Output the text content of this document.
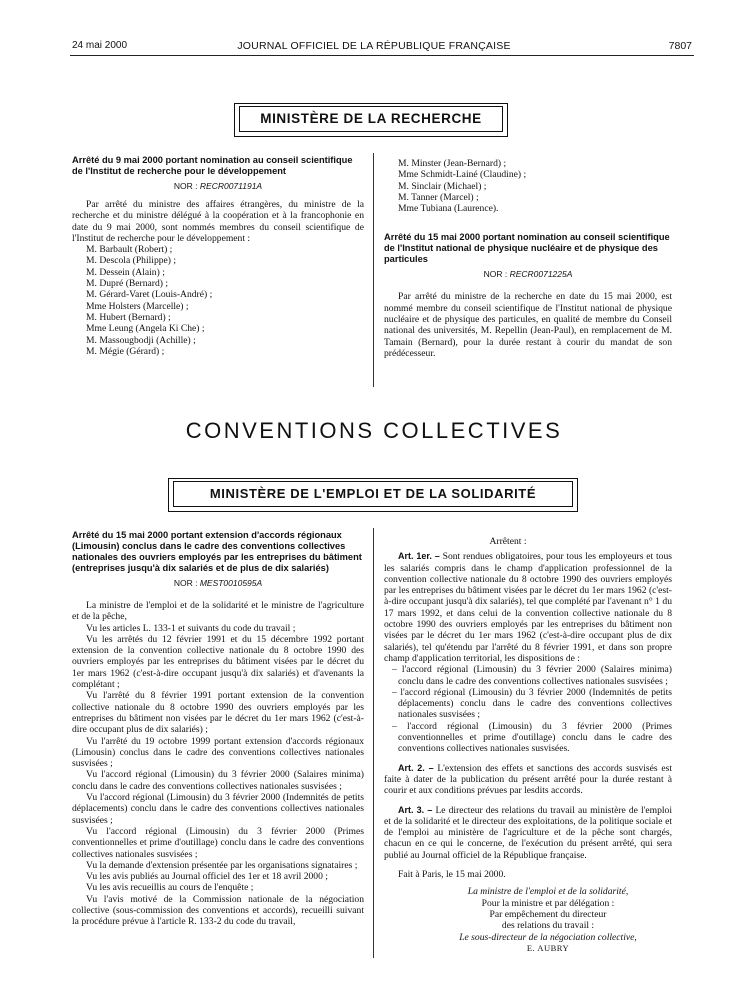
24 mai 2000	JOURNAL OFFICIEL DE LA RÉPUBLIQUE FRANÇAISE	7807
MINISTÈRE DE LA RECHERCHE
Arrêté du 9 mai 2000 portant nomination au conseil scientifique de l'Institut de recherche pour le développement
NOR : RECR0071191A

Par arrêté du ministre des affaires étrangères, du ministre de la recherche et du ministre délégué à la coopération et à la francophonie en date du 9 mai 2000, sont nommés membres du conseil scientifique de l'Institut de recherche pour le développement :

M. Barbault (Robert) ;
M. Descola (Philippe) ;
M. Dessein (Alain) ;
M. Dupré (Bernard) ;
M. Gérard-Varet (Louis-André) ;
Mme Holsters (Marcelle) ;
M. Hubert (Bernard) ;
Mme Leung (Angela Ki Che) ;
M. Massougbodji (Achille) ;
M. Mégie (Gérard) ;
M. Minster (Jean-Bernard) ;
Mme Schmidt-Lainé (Claudine) ;
M. Sinclair (Michael) ;
M. Tanner (Marcel) ;
Mme Tubiana (Laurence).
Arrêté du 15 mai 2000 portant nomination au conseil scientifique de l'Institut national de physique nucléaire et de physique des particules
NOR : RECR0071225A

Par arrêté du ministre de la recherche en date du 15 mai 2000, est nommé membre du conseil scientifique de l'Institut national de physique nucléaire et de physique des particules, en qualité de membre du Conseil national des universités, M. Repellin (Jean-Paul), en remplacement de M. Tamain (Bernard), pour la durée restant à courir du mandat de son prédécesseur.

CONVENTIONS COLLECTIVES
MINISTÈRE DE L'EMPLOI ET DE LA SOLIDARITÉ
Arrêté du 15 mai 2000 portant extension d'accords régionaux (Limousin) conclus dans le cadre des conventions collectives nationales des ouvriers employés par les entreprises du bâtiment (entreprises jusqu'à dix salariés et de plus de dix salariés)
NOR : MEST0010595A

La ministre de l'emploi et de la solidarité et le ministre de l'agriculture et de la pêche,

Vu les articles L. 133-1 et suivants du code du travail ;

Vu les arrêtés du 12 février 1991 et du 15 décembre 1992 portant extension de la convention collective nationale du 8 octobre 1990 des ouvriers employés par les entreprises du bâtiment visées par le décret du 1er mars 1962 (c'est-à-dire occupant jusqu'à dix salariés) et d'avenants la complétant ;

Vu l'arrêté du 8 février 1991 portant extension de la convention collective nationale du 8 octobre 1990 des ouvriers employés par les entreprises du bâtiment non visées par le décret du 1er mars 1962 (c'est-à-dire occupant plus de dix salariés) ;

Vu l'arrêté du 19 octobre 1999 portant extension d'accords régionaux (Limousin) conclus dans le cadre des conventions collectives nationales susvisées ;

Vu l'accord régional (Limousin) du 3 février 2000 (Salaires minima) conclu dans le cadre des conventions collectives nationales susvisées ;

Vu l'accord régional (Limousin) du 3 février 2000 (Indemnités de petits déplacements) conclu dans le cadre des conventions collectives nationales susvisées ;

Vu l'accord régional (Limousin) du 3 février 2000 (Primes conventionnelles et prime d'outillage) conclu dans le cadre des conventions collectives nationales susvisées ;

Vu la demande d'extension présentée par les organisations signataires ;

Vu les avis publiés au Journal officiel des 1er et 18 avril 2000 ;

Vu les avis recueillis au cours de l'enquête ;

Vu l'avis motivé de la Commission nationale de la négociation collective (sous-commission des conventions et accords), recueilli suivant la procédure prévue à l'article R. 133-2 du code du travail,

Arrêtent :

Art. 1er. – Sont rendues obligatoires, pour tous les employeurs et tous les salariés compris dans le champ d'application professionnel de la convention collective nationale du 8 octobre 1990 des ouvriers employés par les entreprises du bâtiment visées par le décret du 1er mars 1962 (c'est-à-dire occupant jusqu'à dix salariés), tel que complété par l'avenant n° 1 du 17 mars 1992, et dans celui de la convention collective nationale du 8 octobre 1990 des ouvriers employés par les entreprises du bâtiment non visées par le décret du 1er mars 1962 (c'est-à-dire occupant plus de dix salariés), tel qu'étendu par l'arrêté du 8 février 1991, et dans son propre champ d'application territorial, les dispositions de :

– l'accord régional (Limousin) du 3 février 2000 (Salaires minima) conclu dans le cadre des conventions collectives nationales susvisées ;
– l'accord régional (Limousin) du 3 février 2000 (Indemnités de petits déplacements) conclu dans le cadre des conventions collectives nationales susvisées ;
– l'accord régional (Limousin) du 3 février 2000 (Primes conventionnelles et prime d'outillage) conclu dans le cadre des conventions collectives nationales susvisées.

Art. 2. – L'extension des effets et sanctions des accords susvisés est faite à dater de la publication du présent arrêté pour la durée restant à courir et aux conditions prévues par lesdits accords.

Art. 3. – Le directeur des relations du travail au ministère de l'emploi et de la solidarité et le directeur des exploitations, de la politique sociale et de l'emploi au ministère de l'agriculture et de la pêche sont chargés, chacun en ce qui le concerne, de l'exécution du présent arrêté, qui sera publié au Journal officiel de la République française.

Fait à Paris, le 15 mai 2000.

La ministre de l'emploi et de la solidarité,
Pour la ministre et par délégation :
Par empêchement du directeur
des relations du travail :
Le sous-directeur de la négociation collective,
E. AUBRY
